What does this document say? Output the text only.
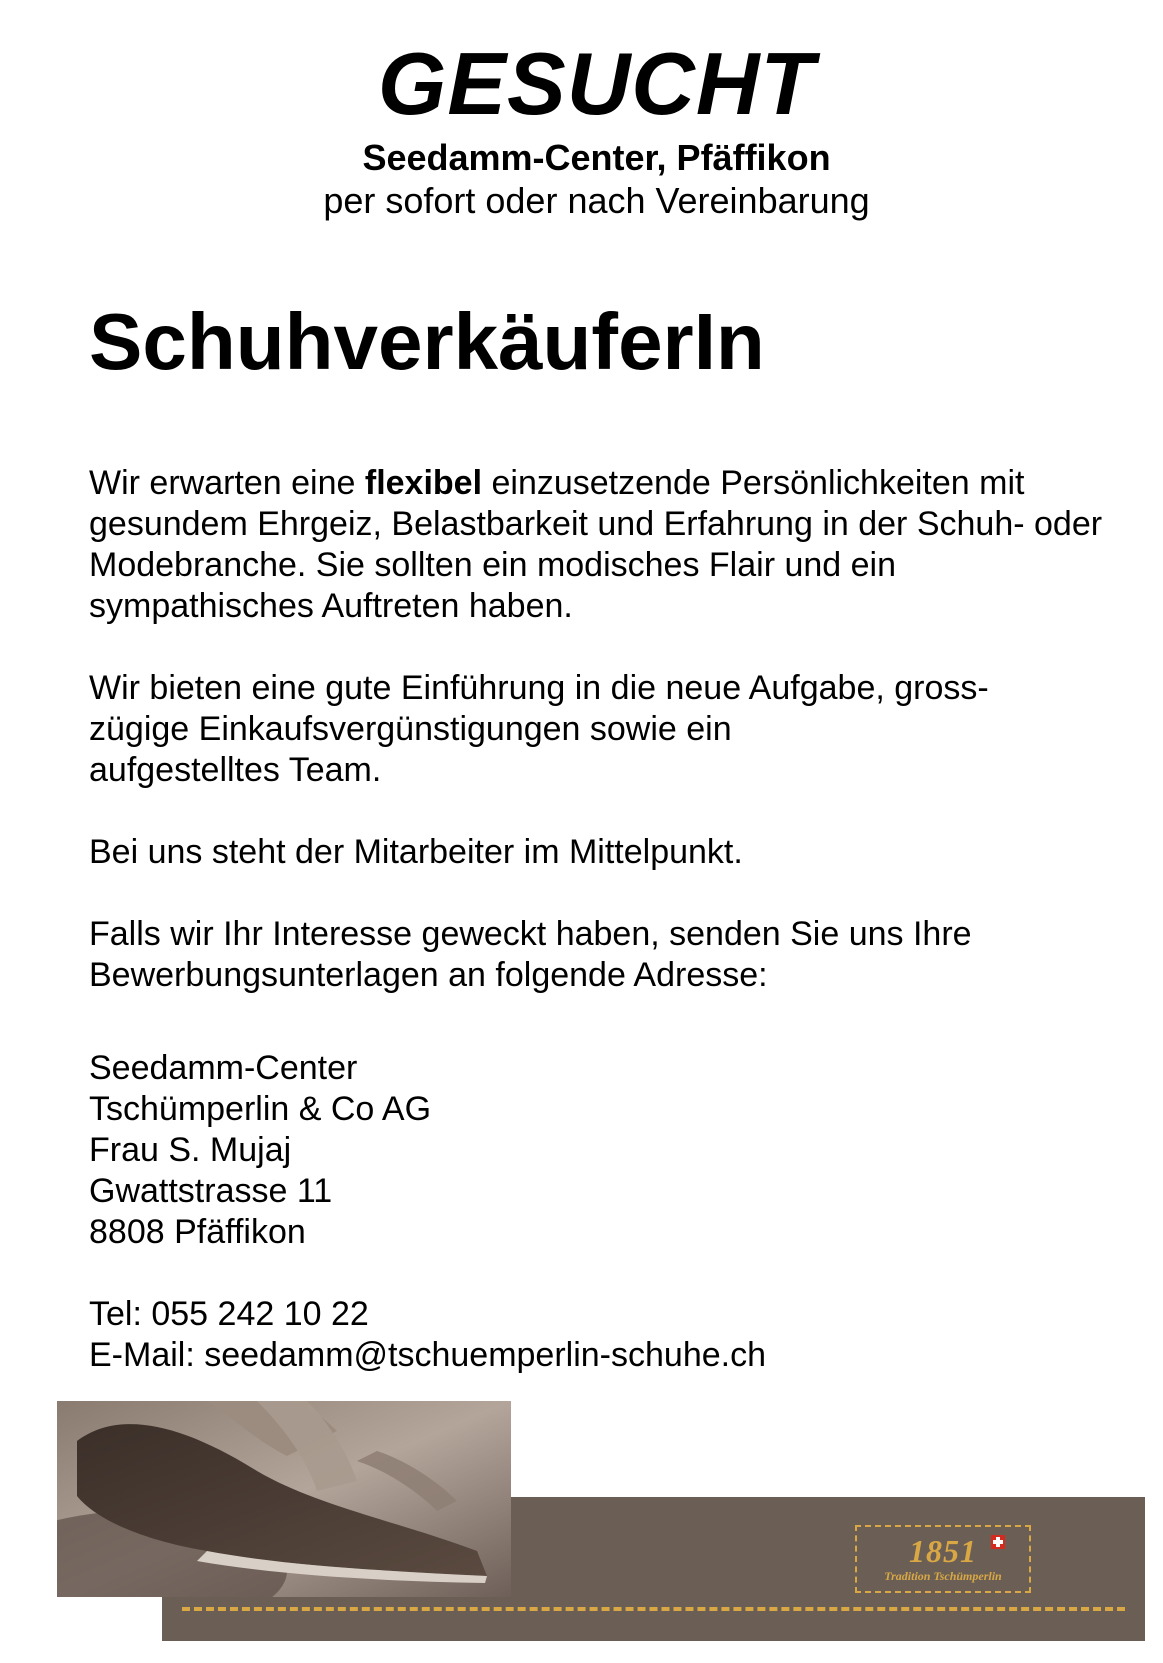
GESUCHT
Seedamm-Center, Pfäffikon
per sofort oder nach Vereinbarung
SchuhverkäuferIn

Wir erwarten eine flexibel einzusetzende Persönlichkeiten mit gesundem Ehrgeiz, Belastbarkeit und Erfahrung in der Schuh- oder Modebranche. Sie sollten ein modisches Flair und ein sympathisches Auftreten haben.

Wir bieten eine gute Einführung in die neue Aufgabe, gross-
zügige Einkaufsvergünstigungen sowie ein
aufgestelltes Team.

Bei uns steht der Mitarbeiter im Mittelpunkt.

Falls wir Ihr Interesse geweckt haben, senden Sie uns Ihre Bewerbungsunterlagen an folgende Adresse:

Seedamm-Center
Tschümperlin & Co AG
Frau S. Mujaj
Gwattstrasse 11
8808 Pfäffikon
Tel: 055 242 10 22
E-Mail: seedamm@tschuemperlin-schuhe.ch
1851
Tradition Tschümperlin
